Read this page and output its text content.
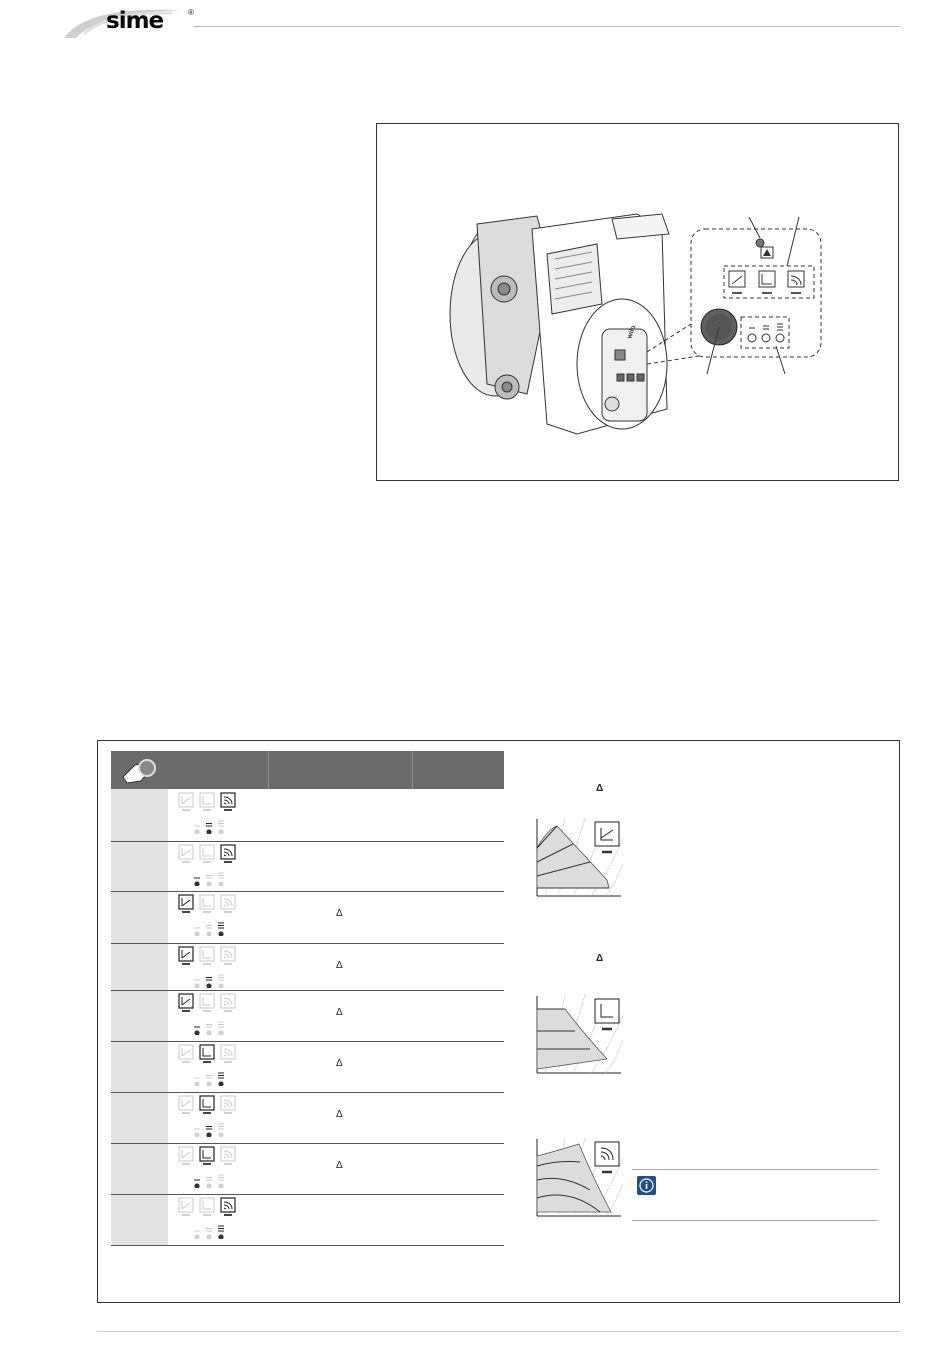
sime	®
wilo
Δ
Δ
Δ
Δ
Δ
Δ
Δ
Δ
